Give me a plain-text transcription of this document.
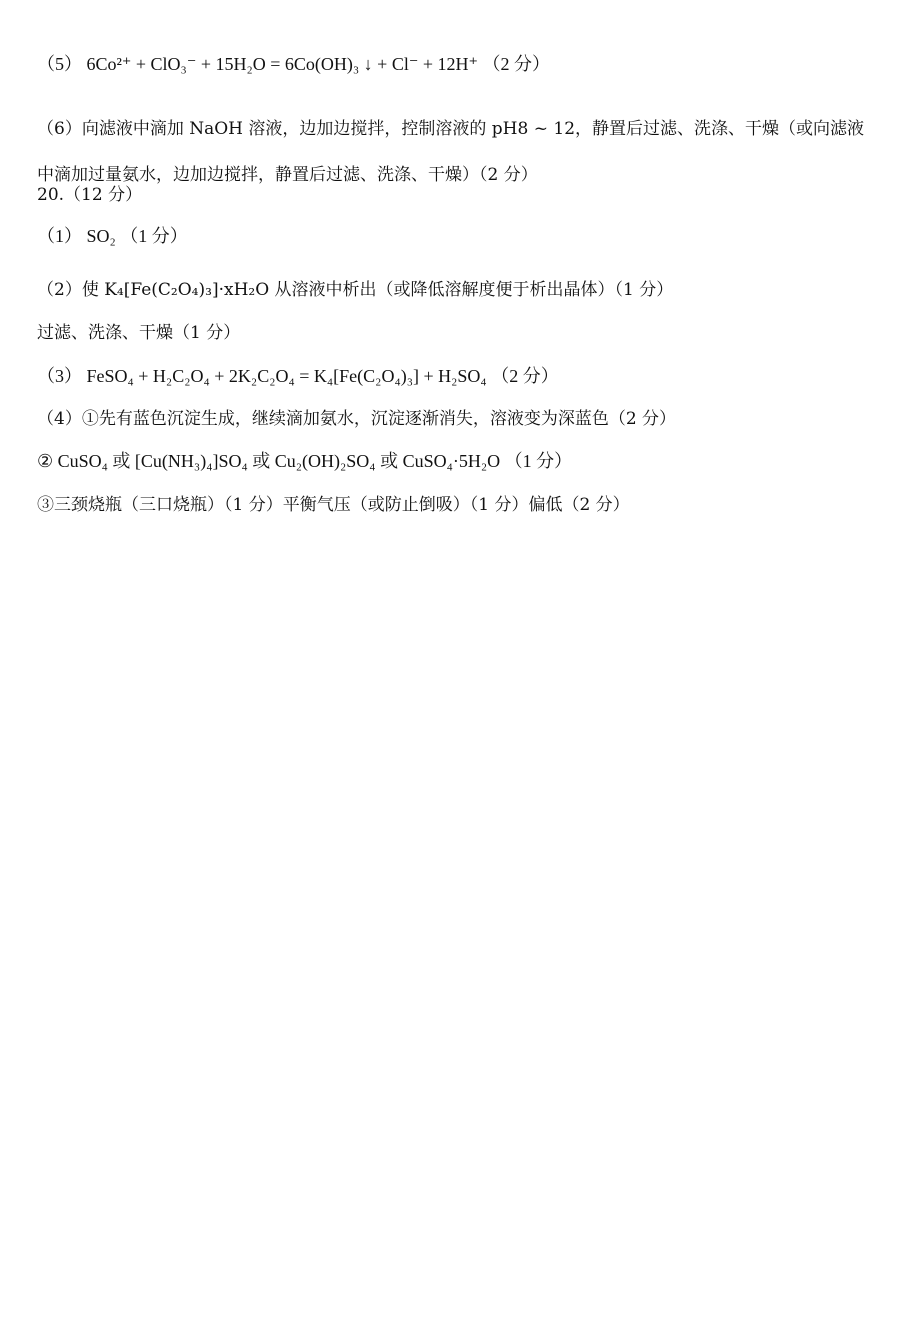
（5） 6Co²⁺ + ClO₃⁻ + 15H₂O = 6Co(OH)₃ ↓ + Cl⁻ + 12H⁺ （2 分）
（6）向滤液中滴加 NaOH 溶液，边加边搅拌，控制溶液的 pH8 ~ 12，静置后过滤、洗涤、干燥（或向滤液中滴加过量氨水，边加边搅拌，静置后过滤、洗涤、干燥）（2 分）
20.（12 分）
（1） SO₂ （1 分）
（2）使 K₄[Fe(C₂O₄)₃]·xH₂O 从溶液中析出（或降低溶解度便于析出晶体）（1 分）
过滤、洗涤、干燥（1 分）
（3） FeSO₄ + H₂C₂O₄ + 2K₂C₂O₄ = K₄[Fe(C₂O₄)₃] + H₂SO₄ （2 分）
（4）①先有蓝色沉淀生成，继续滴加氨水，沉淀逐渐消失，溶液变为深蓝色（2 分）
② CuSO₄ 或 [Cu(NH₃)₄]SO₄ 或 Cu₂(OH)₂SO₄ 或 CuSO₄·5H₂O （1 分）
③三颈烧瓶（三口烧瓶）（1 分）平衡气压（或防止倒吸）（1 分）偏低（2 分）
